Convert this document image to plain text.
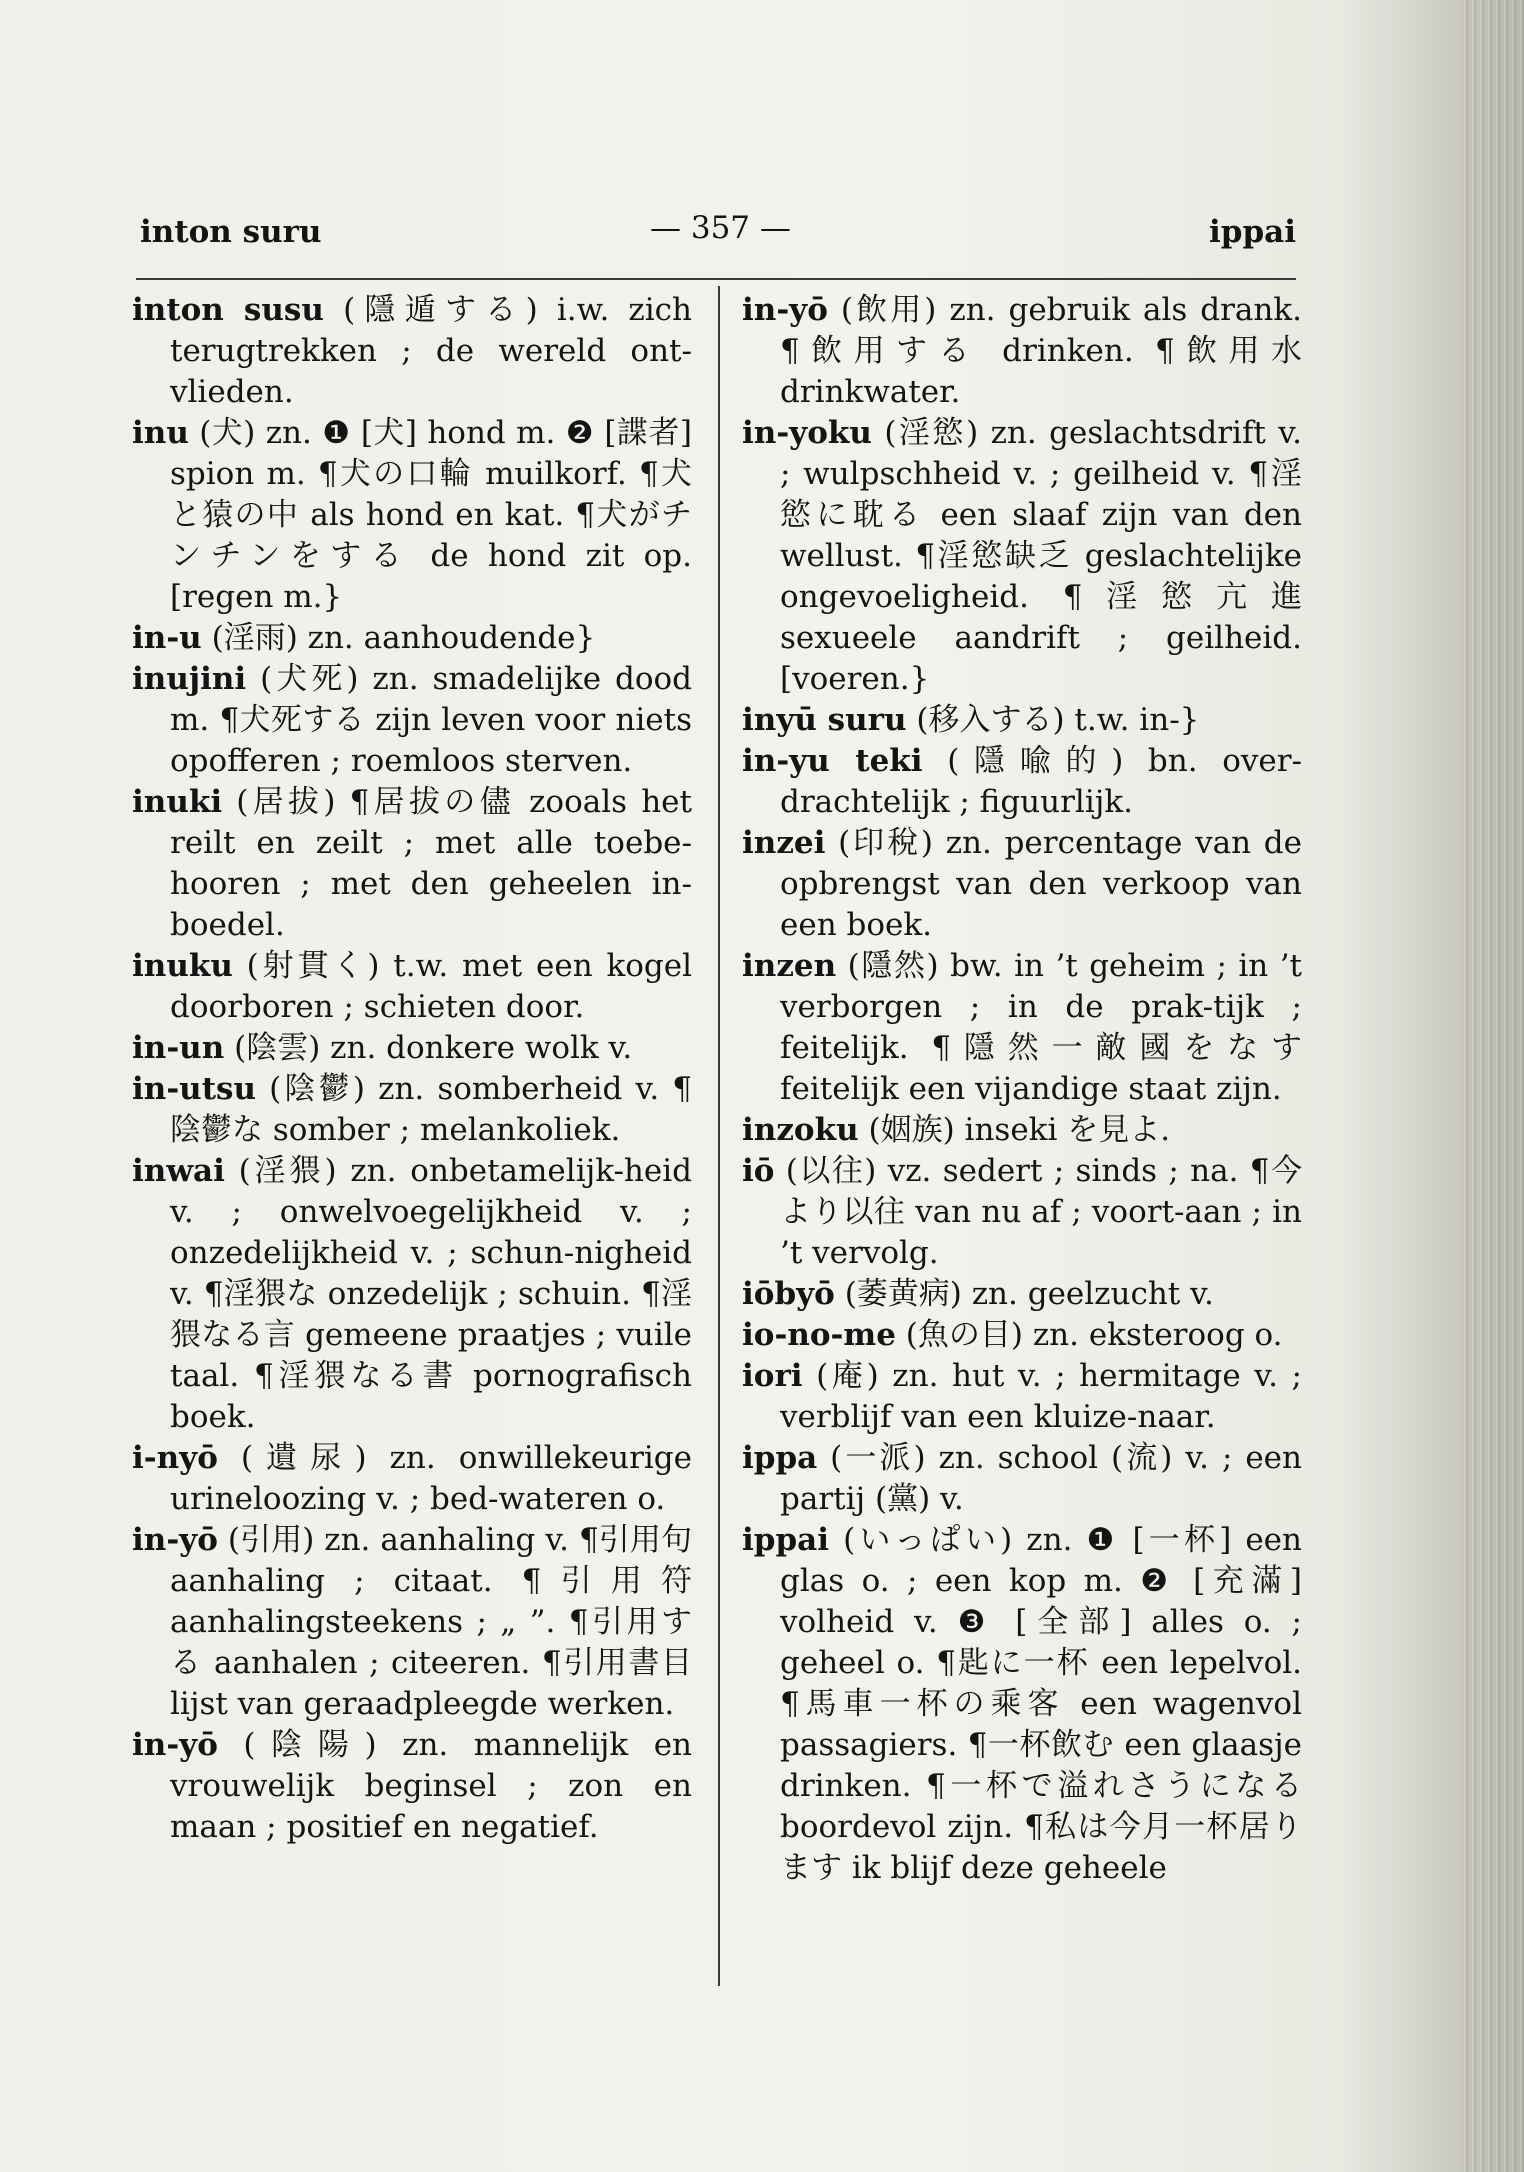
inton suru	— 357 —	ippai

inton susu (隱遁する) i.w. zich terugtrekken ; de wereld ont-vlieden.

inu (犬) zn. ❶ [犬] hond m. ❷ [諜者] spion m. ¶犬の口輪 muilkorf. ¶犬と猿の中 als hond en kat. ¶犬がチンチンをする de hond zit op. [regen m.}

in-u (淫雨) zn. aanhoudende}

inujini (犬死) zn. smadelijke dood m. ¶犬死する zijn leven voor niets opofferen ; roemloos sterven.

inuki (居拔) ¶居拔の儘 zooals het reilt en zeilt ; met alle toebe-hooren ; met den geheelen in-boedel.

inuku (射貫く) t.w. met een kogel doorboren ; schieten door.

in-un (陰雲) zn. donkere wolk v.

in-utsu (陰鬱) zn. somberheid v. ¶陰鬱な somber ; melankoliek.

inwai (淫猥) zn. onbetamelijk-heid v. ; onwelvoegelijkheid v. ; onzedelijkheid v. ; schun-nigheid v. ¶淫猥な onzedelijk ; schuin. ¶淫猥なる言 gemeene praatjes ; vuile taal. ¶淫猥なる書 pornografisch boek.

i-nyō (遺尿) zn. onwillekeurige urineloozing v. ; bed-wateren o.

in-yō (引用) zn. aanhaling v. ¶引用句 aanhaling ; citaat. ¶引用符 aanhalingsteekens ; „ ”. ¶引用する aanhalen ; citeeren. ¶引用書目 lijst van geraadpleegde werken.

in-yō (陰陽) zn. mannelijk en vrouwelijk beginsel ; zon en maan ; positief en negatief.

in-yō (飲用) zn. gebruik als drank. ¶飲用する drinken. ¶飲用水 drinkwater.

in-yoku (淫慾) zn. geslachtsdrift v. ; wulpschheid v. ; geilheid v. ¶淫慾に耽る een slaaf zijn van den wellust. ¶淫慾缺乏 geslachtelijke ongevoeligheid. ¶淫慾亢進 sexueele aandrift ; geilheid. [voeren.}

inyū suru (移入する) t.w. in-}

in-yu teki (隱喩的) bn. over-drachtelijk ; figuurlijk.

inzei (印稅) zn. percentage van de opbrengst van den verkoop van een boek.

inzen (隱然) bw. in ’t geheim ; in ’t verborgen ; in de prak-tijk ; feitelijk. ¶隱然一敵國をなす feitelijk een vijandige staat zijn.

inzoku (姻族) inseki を見よ.

iō (以往) vz. sedert ; sinds ; na. ¶今より以往 van nu af ; voort-aan ; in ’t vervolg.

iōbyō (萎黄病) zn. geelzucht v.

io-no-me (魚の目) zn. eksteroog o.

iori (庵) zn. hut v. ; hermitage v. ; verblijf van een kluize-naar.

ippa (一派) zn. school (流) v. ; een partij (黨) v.

ippai (いっぱい) zn. ❶ [一杯] een glas o. ; een kop m. ❷ [充滿] volheid v. ❸ [全部] alles o. ; geheel o. ¶匙に一杯 een lepelvol. ¶馬車一杯の乘客 een wagenvol passagiers. ¶一杯飲む een glaasje drinken. ¶一杯で溢れさうになる boordevol zijn. ¶私は今月一杯居ります ik blijf deze geheele
